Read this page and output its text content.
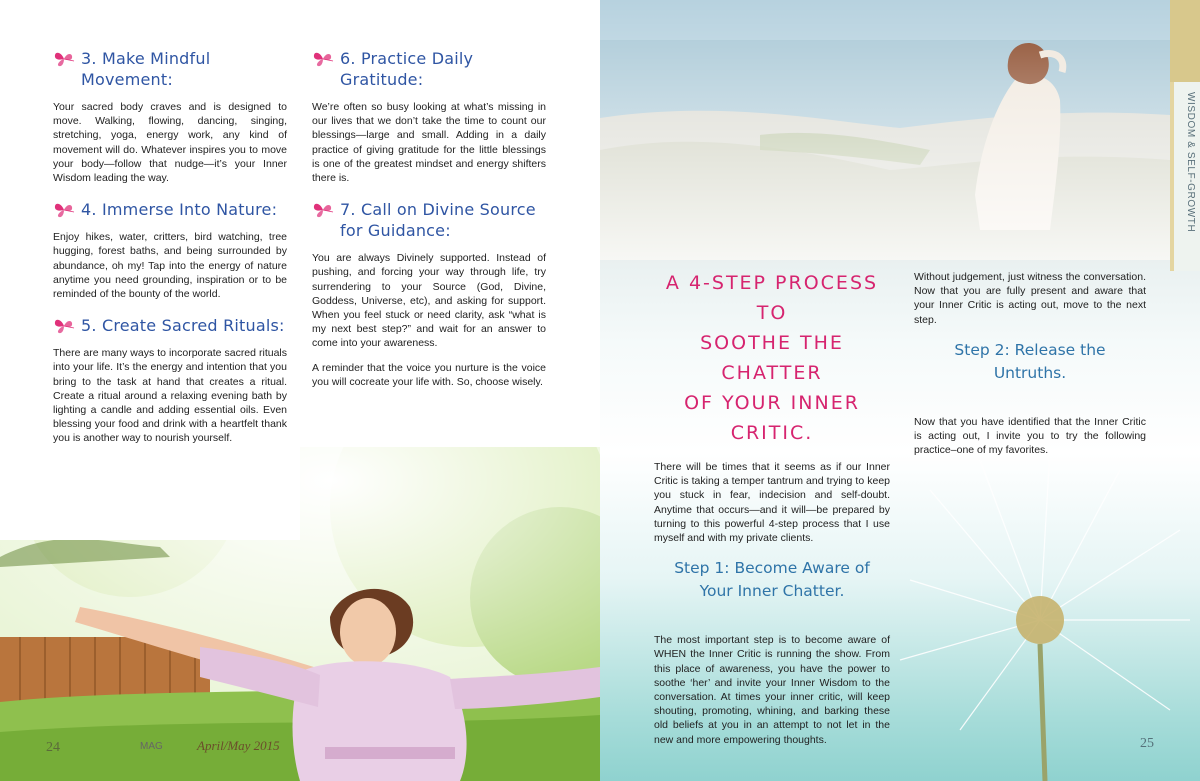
3. Make Mindful Movement:

Your sacred body craves and is designed to move. Walking, flowing, dancing, singing, stretching, yoga, energy work, any kind of movement will do. Whatever inspires you to move your body—follow that nudge—it’s your Inner Wisdom leading the way.

4. Immerse Into Nature:

Enjoy hikes, water, critters, bird watching, tree hugging, forest baths, and being surrounded by abundance, oh my! Tap into the energy of nature anytime you need grounding, inspiration or to be reminded of the bounty of the world.

5. Create Sacred Rituals:

There are many ways to incorporate sacred rituals into your life. It’s the energy and intention that you bring to the task at hand that creates a ritual. Create a ritual around a relaxing evening bath by lighting a candle and adding essential oils. Even blessing your food and drink with a heartfelt thank you is another way to nourish yourself.

6. Practice Daily Gratitude:

We’re often so busy looking at what’s missing in our lives that we don’t take the time to count our blessings—large and small. Adding in a daily practice of giving gratitude for the little blessings is one of the greatest mindset and energy shifters there is.

7. Call on Divine Source for Guidance:

You are always Divinely supported. Instead of pushing, and forcing your way through life, try surrendering to your Source (God, Divine, Goddess, Universe, etc), and asking for support. When you feel stuck or need clarity, ask “what is my next best step?” and wait for an answer to come into your awareness.

A reminder that the voice you nurture is the voice you will cocreate your life with. So, choose wisely.

24	MAG	April/May 2015
WISDOM & SELF-GROWTH
25
A 4-STEP PROCESS TO
SOOTHE THE CHATTER
OF YOUR INNER CRITIC.

There will be times that it seems as if our Inner Critic is taking a temper tantrum and trying to keep you stuck in fear, indecision and self-doubt. Anytime that occurs—and it will—be prepared by turning to this powerful 4-step process that I use myself and with my private clients.

Step 1: Become Aware of
Your Inner Chatter.

The most important step is to become aware of WHEN the Inner Critic is running the show. From this place of awareness, you have the power to soothe ‘her’ and invite your Inner Wisdom to the conversation. At times your inner critic, will keep shouting, promoting, whining, and barking these old beliefs at you in an attempt to not let in the new and more empowering thoughts.

Without judgement, just witness the conversation. Now that you are fully present and aware that your Inner Critic is acting out, move to the next step.

Step 2: Release the
Untruths.

Now that you have identified that the Inner Critic is acting out, I invite you to try the following practice–one of my favorites.
